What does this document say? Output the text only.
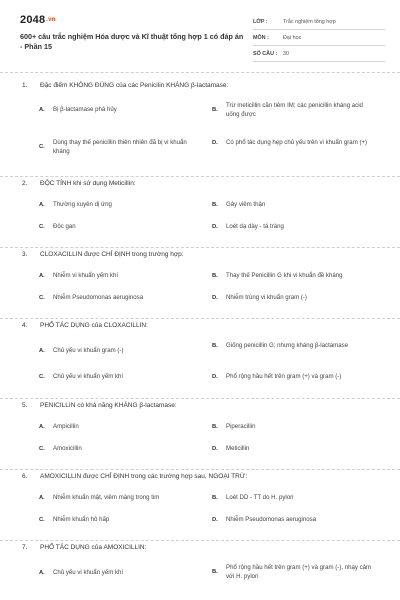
2048.vn
600+ câu trắc nghiệm Hóa dược và Kĩ thuật tổng hợp 1 có đáp án - Phần 15
LỚP :	Trắc nghiệm tổng hợp
MÔN :	Đại học
SỐ CÂU :	30
1. Đặc điểm KHÔNG ĐÚNG của các Penicilin KHÁNG β-lactamase:
A.	Bị β-lactamase phá hủy	B.
Trừ meticillin cần tiêm IM; các penicillin kháng acid uống được
C.
Dùng thay thế penicillin thiên nhiên đã bị vi khuẩn kháng
D.	Có phổ tác dụng hẹp chủ yếu trên vi khuẩn gram (+)
2. ĐỘC TÍNH khi sử dụng Meticillin:
A.	Thường xuyên dị ứng	B.	Gây viêm thận
C.	Độc gan	D.	Loét dạ dày - tá tràng
3. CLOXACILLIN được CHỈ ĐỊNH trong trường hợp:
A.	Nhiễm vi khuẩn yếm khí	B.	Thay thế Penicillin G khi vi khuẩn đề kháng
C.	Nhiễm Pseudomonas aeruginosa	D.	Nhiễm trùng vi khuẩn gram (-)
4. PHỔ TÁC DỤNG của CLOXACILLIN:
A.	Chủ yếu vi khuẩn gram (-)
B.	Giống penicillin G; nhưng kháng β-lactamase
C.	Chủ yếu vi khuẩn yếm khí	D.	Phổ rộng hầu hết trên gram (+) và gram (-)
5. PENICILLIN có khả năng KHÁNG β-lactamase:
A.	Ampicillin	B.	Piperacillin
C.	Amoxicillin	D.	Meticillin
6. AMOXICILLIN được CHỈ ĐỊNH trong các trường hợp sau, NGOẠI TRỪ:
A.	Nhiễm khuẩn mật, viêm màng trong tim	B.	Loét DD - TT do H. pylori
C.	Nhiễm khuẩn hô hấp	D.	Nhiễm Pseudomonas aeruginosa
7. PHỔ TÁC DỤNG của AMOXICILLIN:
A.	Chủ yếu vi khuẩn yếm khí	B.
Phổ rộng hầu hết trên gram (+) và gram (-), nhạy cảm với H. pylori
